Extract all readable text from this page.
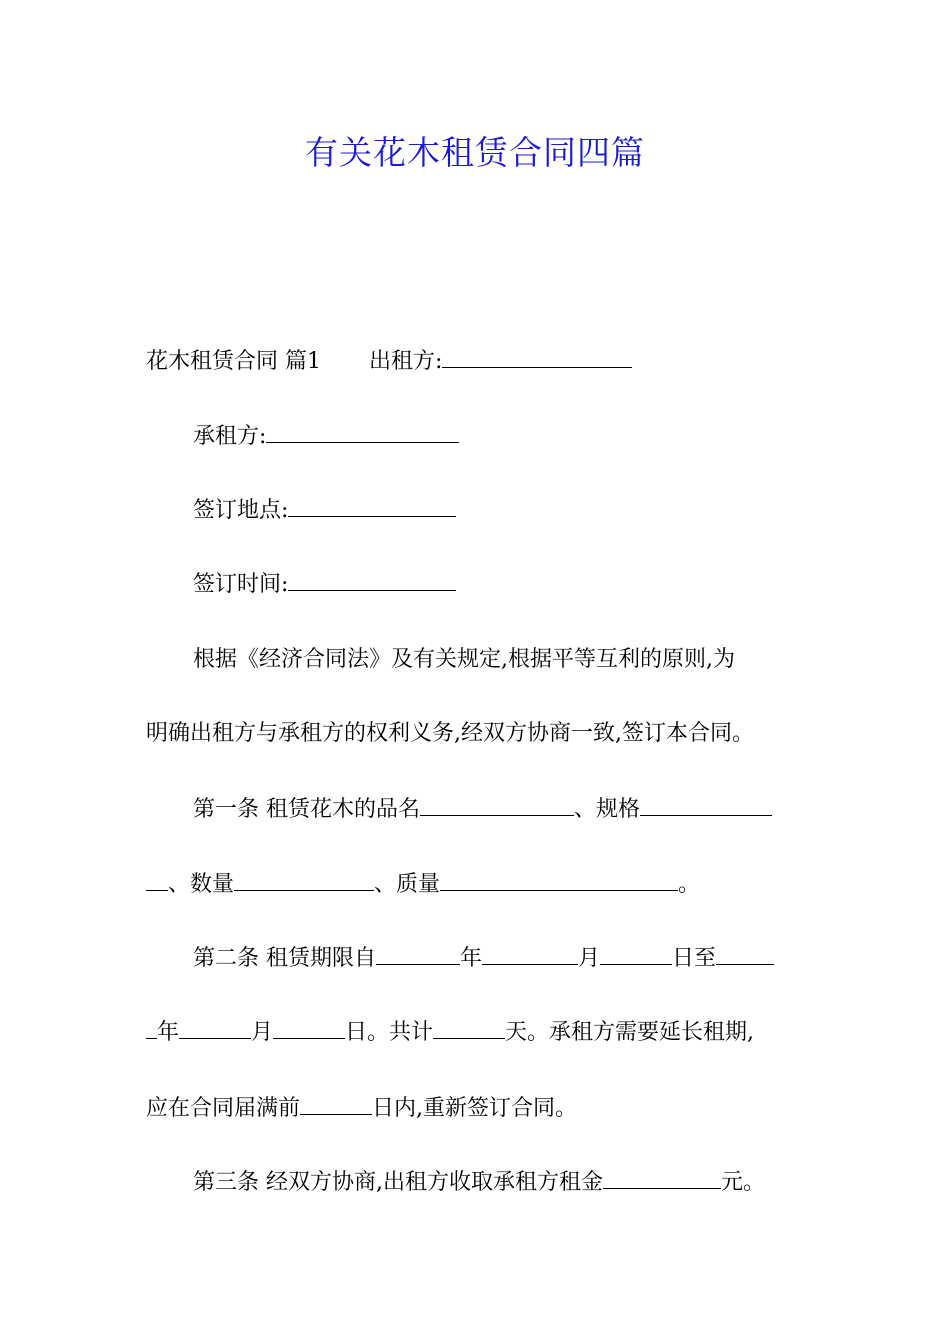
有关花木租赁合同四篇
花木租赁合同 篇1 出租方:
承租方:
签订地点:
签订时间:
根据《经济合同法》及有关规定,根据平等互利的原则,为
明确出租方与承租方的权利义务,经双方协商一致,签订本合同。
第一条 租赁花木的品名	、规格
、数量	、质量	。
第二条 租赁期限自	年	月	日至
年	月	日。共计	天。承租方需要延长租期,
应在合同届满前	日内,重新签订合同。
第三条 经双方协商,出租方收取承租方租金	元。
